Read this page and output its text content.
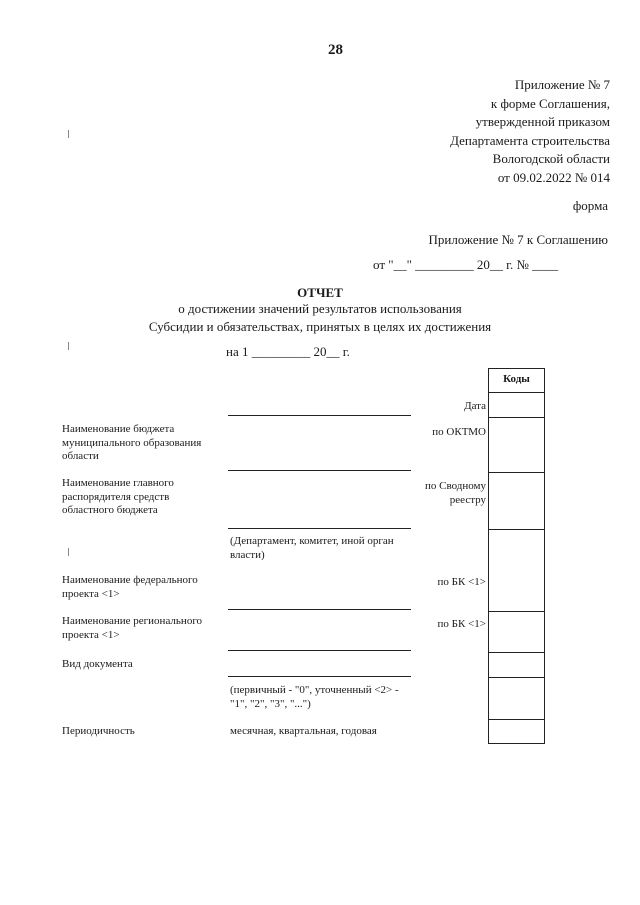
28
Приложение № 7
к форме Соглашения,
утвержденной приказом
Департамента строительства
Вологодской области
от 09.02.2022 № 014
форма
Приложение № 7 к Соглашению
от "__" _________ 20__ г. № ____
ОТЧЕТ
о достижении значений результатов использования
Субсидии и обязательствах, принятых в целях их достижения
на 1 _________ 20__ г.
Коды
Дата
Наименование бюджета муниципального образования области
по ОКТМО
Наименование главного распорядителя средств областного бюджета
по Сводному реестру
(Департамент, комитет, иной орган власти)
Наименование федерального проекта <1>
по БК <1>
Наименование регионального проекта <1>
по БК <1>
Вид документа
(первичный - "0", уточненный <2> - "1", "2", "3", "...")
Периодичность	месячная, квартальная, годовая
